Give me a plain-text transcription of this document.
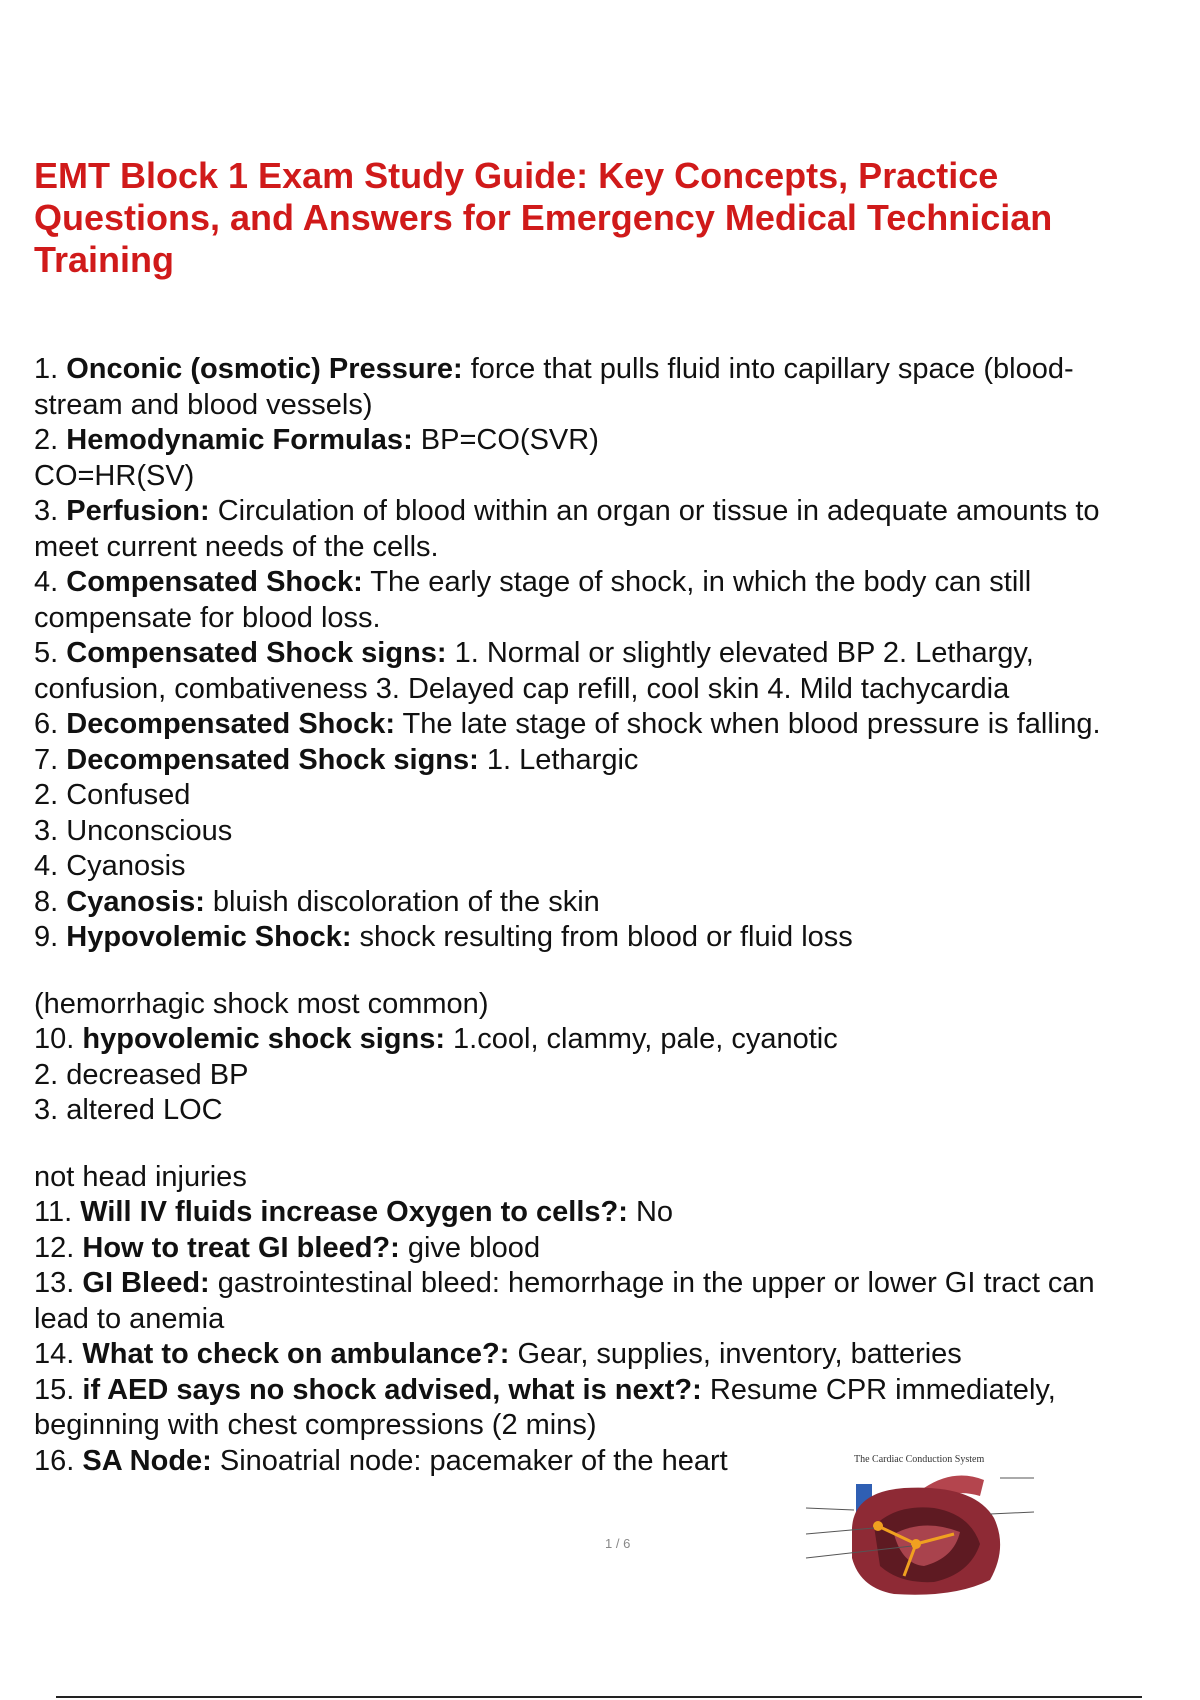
EMT Block 1 Exam Study Guide: Key Concepts, Practice Questions, and Answers for Emergency Medical Technician Training
1. Onconic (osmotic) Pressure: force that pulls fluid into capillary space (blood-
stream and blood vessels)
2. Hemodynamic Formulas: BP=CO(SVR)
CO=HR(SV)
3. Perfusion: Circulation of blood within an organ or tissue in adequate amounts to
meet current needs of the cells.
4. Compensated Shock: The early stage of shock, in which the body can still
compensate for blood loss.
5. Compensated Shock signs: 1. Normal or slightly elevated BP 2. Lethargy,
confusion, combativeness 3. Delayed cap refill, cool skin 4. Mild tachycardia
6. Decompensated Shock: The late stage of shock when blood pressure is falling.
7. Decompensated Shock signs: 1. Lethargic
2. Confused
3. Unconscious
4. Cyanosis
8. Cyanosis: bluish discoloration of the skin
9. Hypovolemic Shock: shock resulting from blood or fluid loss
(hemorrhagic shock most common)
10. hypovolemic shock signs: 1.cool, clammy, pale, cyanotic
2. decreased BP
3. altered LOC
not head injuries
11. Will IV fluids increase Oxygen to cells?: No
12. How to treat GI bleed?: give blood
13. GI Bleed: gastrointestinal bleed: hemorrhage in the upper or lower GI tract can
lead to anemia
14. What to check on ambulance?: Gear, supplies, inventory, batteries
15. if AED says no shock advised, what is next?: Resume CPR immediately,
beginning with chest compressions (2 mins)
16. SA Node: Sinoatrial node: pacemaker of the heart	The Cardiac Conduction System
1 / 6
